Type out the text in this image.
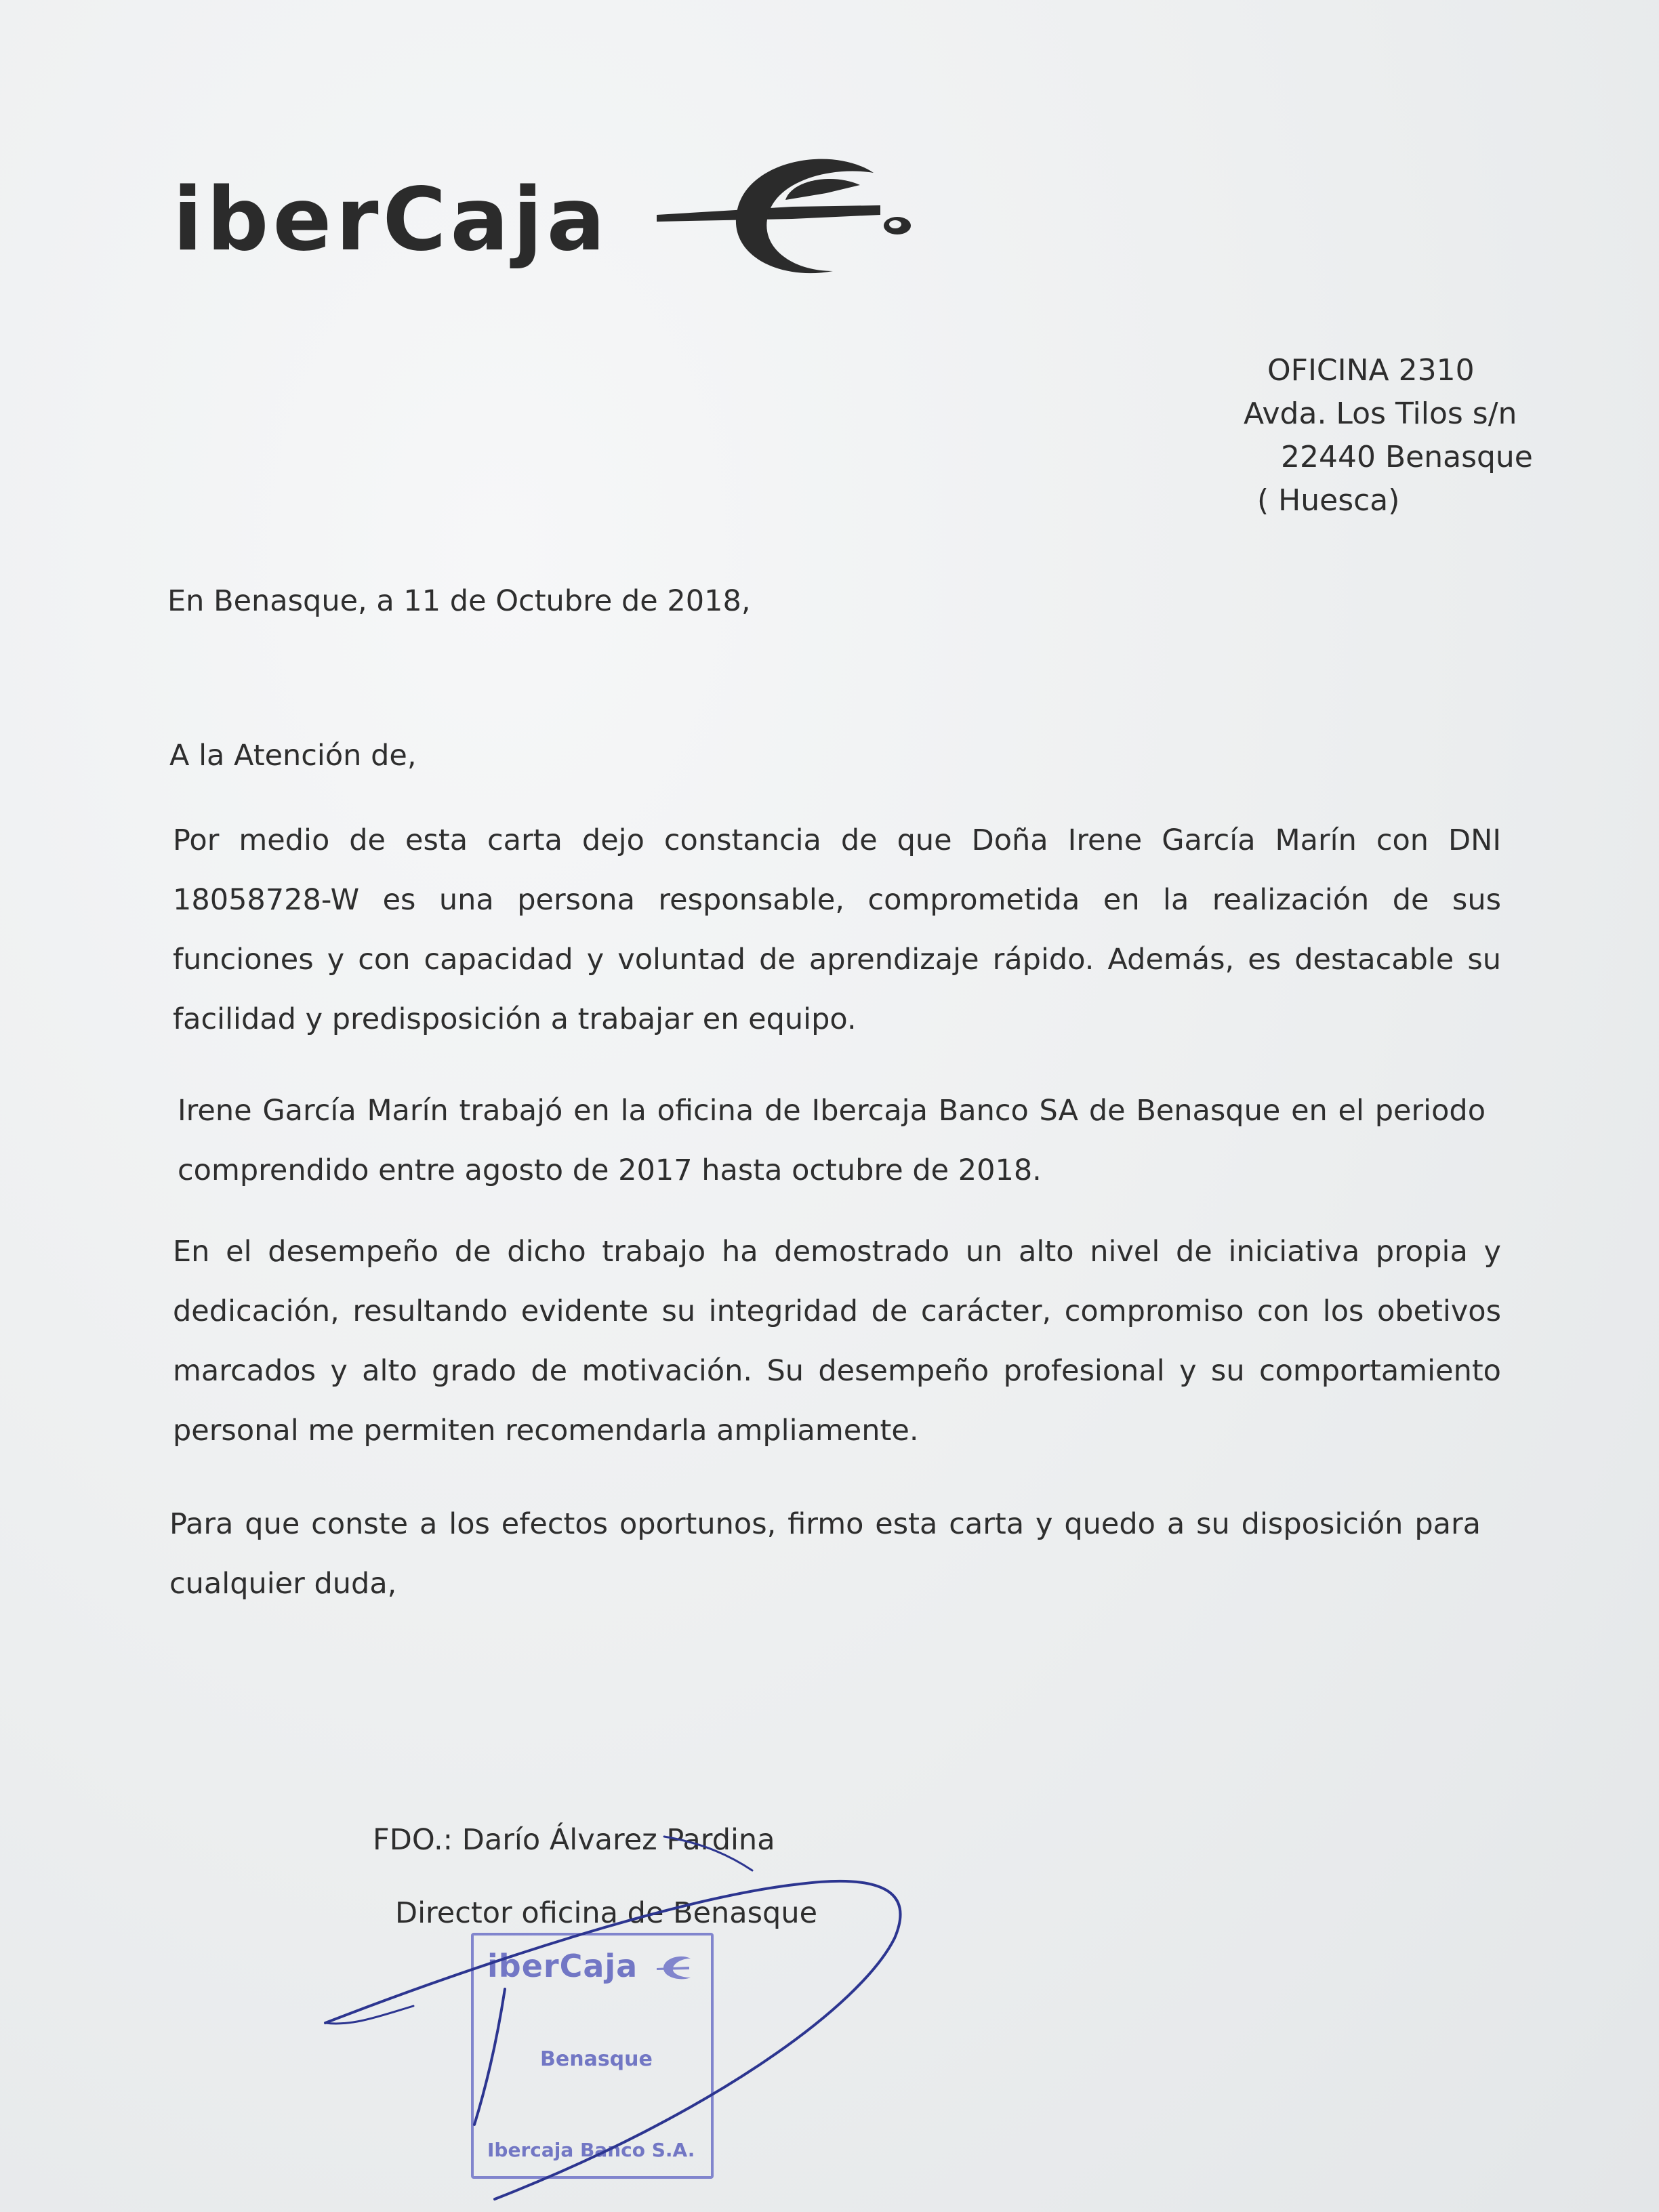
iberCaja
OFICINA 2310
Avda. Los Tilos s/n
22440 Benasque
( Huesca)
En Benasque, a 11 de Octubre de 2018,
A la Atención de,
Por medio de esta carta dejo constancia de que Doña Irene García Marín con DNI 18058728-W es una persona responsable, comprometida en la realización de sus funciones y con capacidad y voluntad de aprendizaje rápido. Además, es destacable su facilidad y predisposición a trabajar en equipo.
Irene García Marín trabajó en la oficina de Ibercaja Banco SA de Benasque en el periodo comprendido entre agosto de 2017 hasta octubre de 2018.
En el desempeño de dicho trabajo ha demostrado un alto nivel de iniciativa propia y dedicación, resultando evidente su integridad de carácter, compromiso con los obetivos marcados y alto grado de motivación. Su desempeño profesional y su comportamiento personal me permiten recomendarla ampliamente.
Para que conste a los efectos oportunos, firmo esta carta y quedo a su disposición para cualquier duda,
FDO.: Darío Álvarez Pardina
Director oficina de Benasque
iberCaja
Benasque
Ibercaja Banco S.A.
